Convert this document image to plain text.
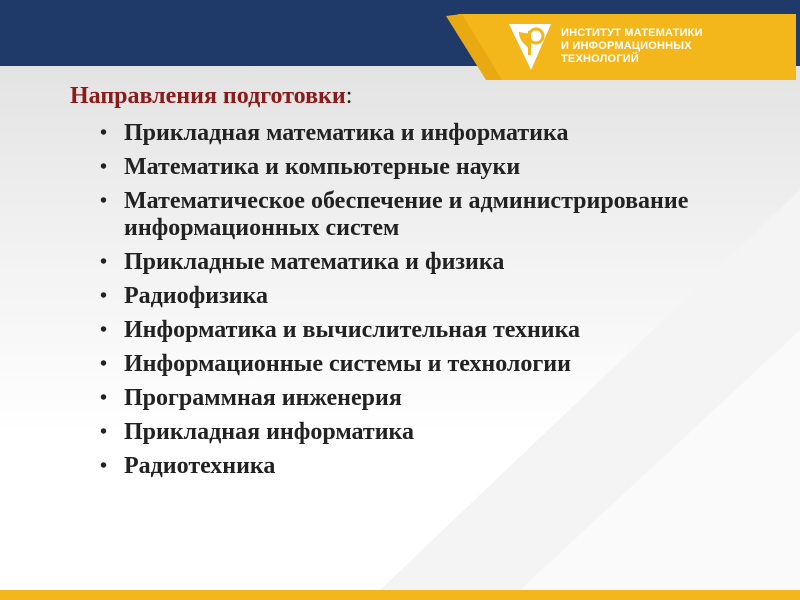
ИНСТИТУТ МАТЕМАТИКИ
И ИНФОРМАЦИОННЫХ
ТЕХНОЛОГИЙ
Направления подготовки:
• Прикладная математика и информатика
• Математика и компьютерные науки
• Математическое обеспечение и администрирование информационных систем
• Прикладные математика и физика
• Радиофизика
• Информатика и вычислительная техника
• Информационные системы и технологии
• Программная инженерия
• Прикладная информатика
• Радиотехника
